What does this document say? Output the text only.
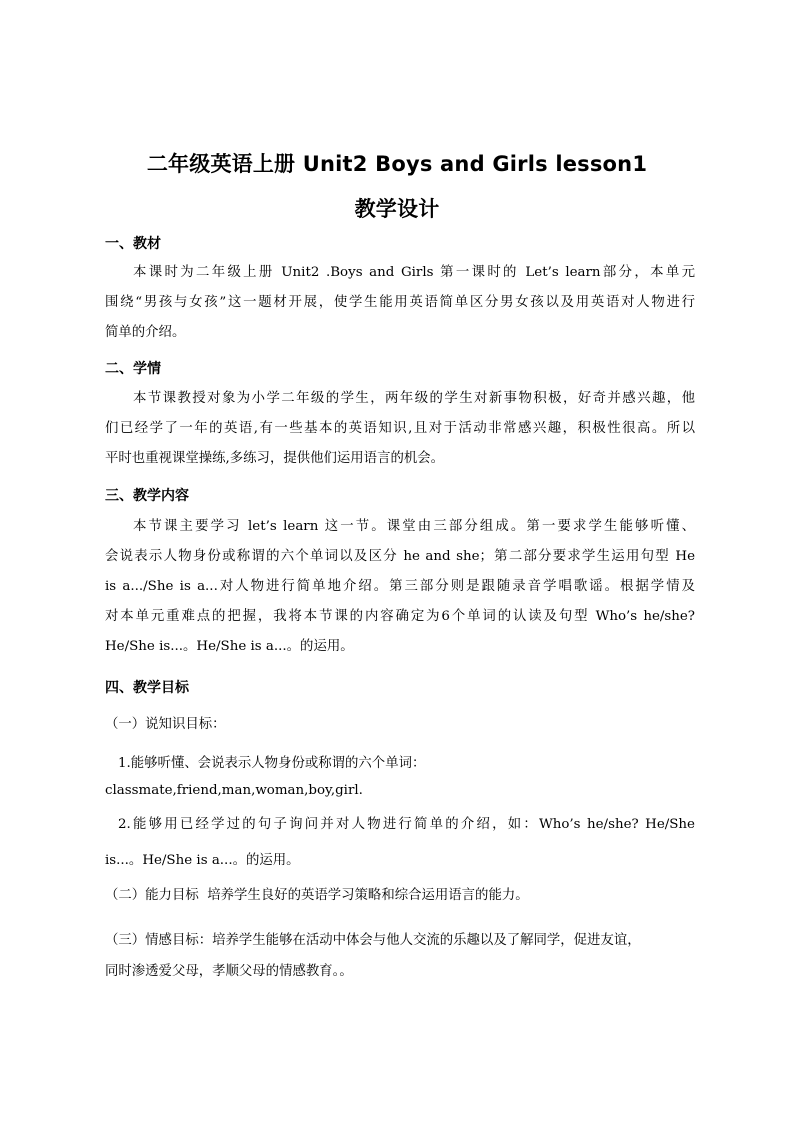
二年级英语上册 Unit2 Boys and Girls lesson1
教学设计
一、教材
本课时为二年级上册 Unit2 .Boys and Girls 第一课时的 Let’s learn部分，本单元
围绕“男孩与女孩”这一题材开展，使学生能用英语简单区分男女孩以及用英语对人物进行
简单的介绍。
二、学情
本节课教授对象为小学二年级的学生，两年级的学生对新事物积极，好奇并感兴趣，他
们已经学了一年的英语,有一些基本的英语知识,且对于活动非常感兴趣，积极性很高。所以
平时也重视课堂操练,多练习，提供他们运用语言的机会。
三、教学内容
本节课主要学习 let’s learn 这一节。课堂由三部分组成。第一要求学生能够听懂、
会说表示人物身份或称谓的六个单词以及区分 he and she；第二部分要求学生运用句型 He
is a.../She is a...对人物进行简单地介绍。第三部分则是跟随录音学唱歌谣。根据学情及
对本单元重难点的把握，我将本节课的内容确定为6个单词的认读及句型 Who’s he/she?
He/She is...。He/She is a...。的运用。
四、教学目标
（一）说知识目标：
1.能够听懂、会说表示人物身份或称谓的六个单词：
classmate,friend,man,woman,boy,girl.
2.能够用已经学过的句子询问并对人物进行简单的介绍，如：Who’s he/she? He/She
is...。He/She is a...。的运用。
（二）能力目标 培养学生良好的英语学习策略和综合运用语言的能力。
（三）情感目标：培养学生能够在活动中体会与他人交流的乐趣以及了解同学，促进友谊，
同时渗透爱父母，孝顺父母的情感教育。。
